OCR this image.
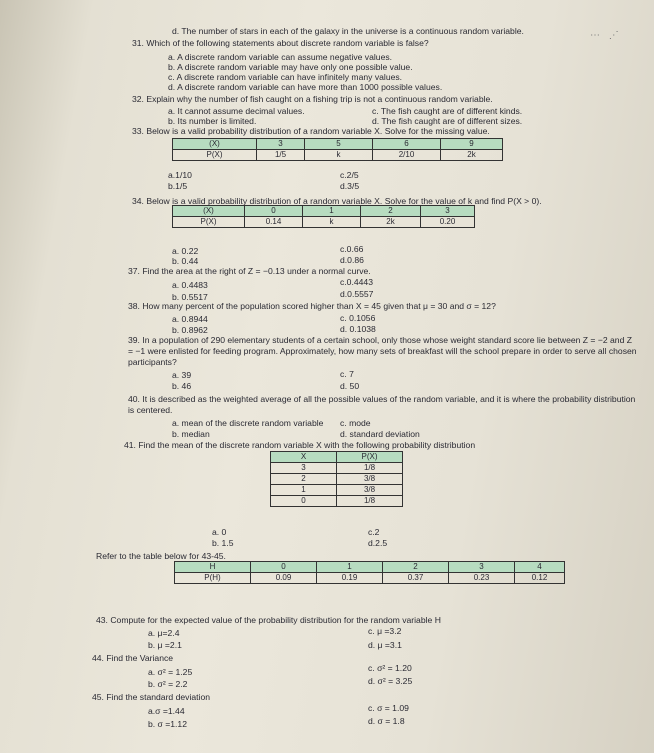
d. The number of stars in each of the galaxy in the universe is a continuous random variable.
31. Which of the following statements about discrete random variable is false?
a. A discrete random variable can assume negative values.
b. A discrete random variable may have only one possible value.
c. A discrete random variable can have infinitely many values.
d. A discrete random variable can have more than 1000 possible values.
32. Explain why the number of fish caught on a fishing trip is not a continuous random variable.
a. It cannot assume decimal values.	c. The fish caught are of different kinds.
b. Its number is limited.	d. The fish caught are of different sizes.
33. Below is a valid probability distribution of a random variable X. Solve for the missing value.
a.1/10	c.2/5
b.1/5	d.3/5
34. Below is a valid probability distribution of a random variable X. Solve for the value of k and find P(X > 0).
a. 0.22	c.0.66
b. 0.44	d.0.86
37. Find the area at the right of Z = −0.13 under a normal curve.
a. 0.4483	c.0.4443
b. 0.5517	d.0.5557
38. How many percent of the population scored higher than X = 45 given that μ = 30 and σ = 12?
a. 0.8944	c. 0.1056
b. 0.8962	d. 0.1038
39. In a population of 290 elementary students of a certain school, only those whose weight standard score lie between Z = −2 and Z
= −1 were enlisted for feeding program. Approximately, how many sets of breakfast will the school prepare in order to serve all chosen
participants?
a. 39	c. 7
b. 46	d. 50
40. It is described as the weighted average of all the possible values of the random variable, and it is where the probability distribution
is centered.
a. mean of the discrete random variable c. mode
b. median	d. standard deviation
41. Find the mean of the discrete random variable X with the following probability distribution
a. 0	c.2
b. 1.5	d.2.5
Refer to the table below for 43-45.
43. Compute for the expected value of the probability distribution for the random variable H
a. μ=2.4	c. μ =3.2
b. μ =2.1	d. μ =3.1
44. Find the Variance
a. σ² = 1.25	c. σ² = 1.20
b. σ² = 2.2	d. σ² = 3.25
45. Find the standard deviation
a.σ =1.44	c. σ = 1.09
b. σ =1.12	d. σ = 1.8
(X)	3	5	6	9
P(X)	1/5	k	2/10	2k
(X)	0	1	2	3
P(X)	0.14	k	2k	0.20
X	P(X)
3	1/8
2	3/8
1	3/8
0	1/8
H	0	1	2	3	4
P(H)	0.09	0.19	0.37	0.23	0.12
⋯ ⋰
